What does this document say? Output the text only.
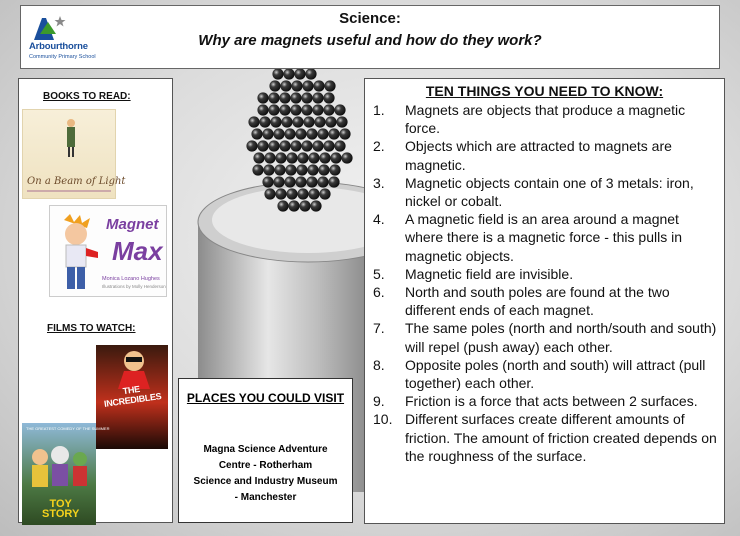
Arbourthorne
Community Primary School
Science:
Why are magnets useful and how do they work?
BOOKS TO READ:
On a Beam of Light
Magnet
Max
Monica Lozano Hughes
Illustrations by Molly Henderson
FILMS TO WATCH:
THE INCREDIBLES
THE GREATEST COMEDY OF THE SUMMER
TOY
STORY
PLACES YOU COULD VISIT
Magna Science Adventure
Centre - Rotherham
Science and Industry Museum
- Manchester
TEN THINGS YOU NEED TO KNOW:
1. Magnets are objects that produce a magnetic force.
2. Objects which are attracted to magnets are magnetic.
3. Magnetic objects contain one of 3 metals: iron, nickel or cobalt.
4. A magnetic field is an area around a magnet where there is a magnetic force - this pulls in magnetic objects.
5. Magnetic field are invisible.
6. North and south poles are found at the two different ends of each magnet.
7. The same poles (north and north/south and south) will repel (push away) each other.
8. Opposite poles (north and south) will attract (pull together) each other.
9. Friction is a force that acts between 2 surfaces.
10. Different surfaces create different amounts of friction. The amount of friction created depends on the roughness of the surface.
